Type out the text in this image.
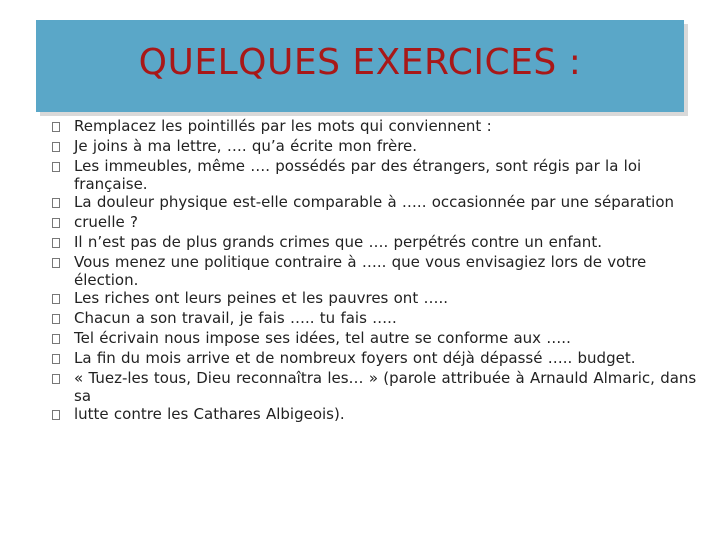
QUELQUES EXERCICES :
Remplacez les pointillés par les mots qui conviennent :
Je joins à ma lettre, …. qu’a écrite mon frère.
Les immeubles, même …. possédés par des étrangers, sont régis par la loi française.
La douleur physique est-elle comparable à ….. occasionnée par une séparation
cruelle ?
Il n’est pas de plus grands crimes que …. perpétrés contre un enfant.
Vous menez une politique contraire à ….. que vous envisagiez lors de votre élection.
Les riches ont leurs peines et les pauvres ont …..
Chacun a son travail, je fais ….. tu fais …..
Tel écrivain nous impose ses idées, tel autre se conforme aux …..
La fin du mois arrive et de nombreux foyers ont déjà dépassé ….. budget.
« Tuez-les tous, Dieu reconnaîtra les… » (parole attribuée à Arnauld Almaric, dans sa
lutte contre les Cathares Albigeois).
